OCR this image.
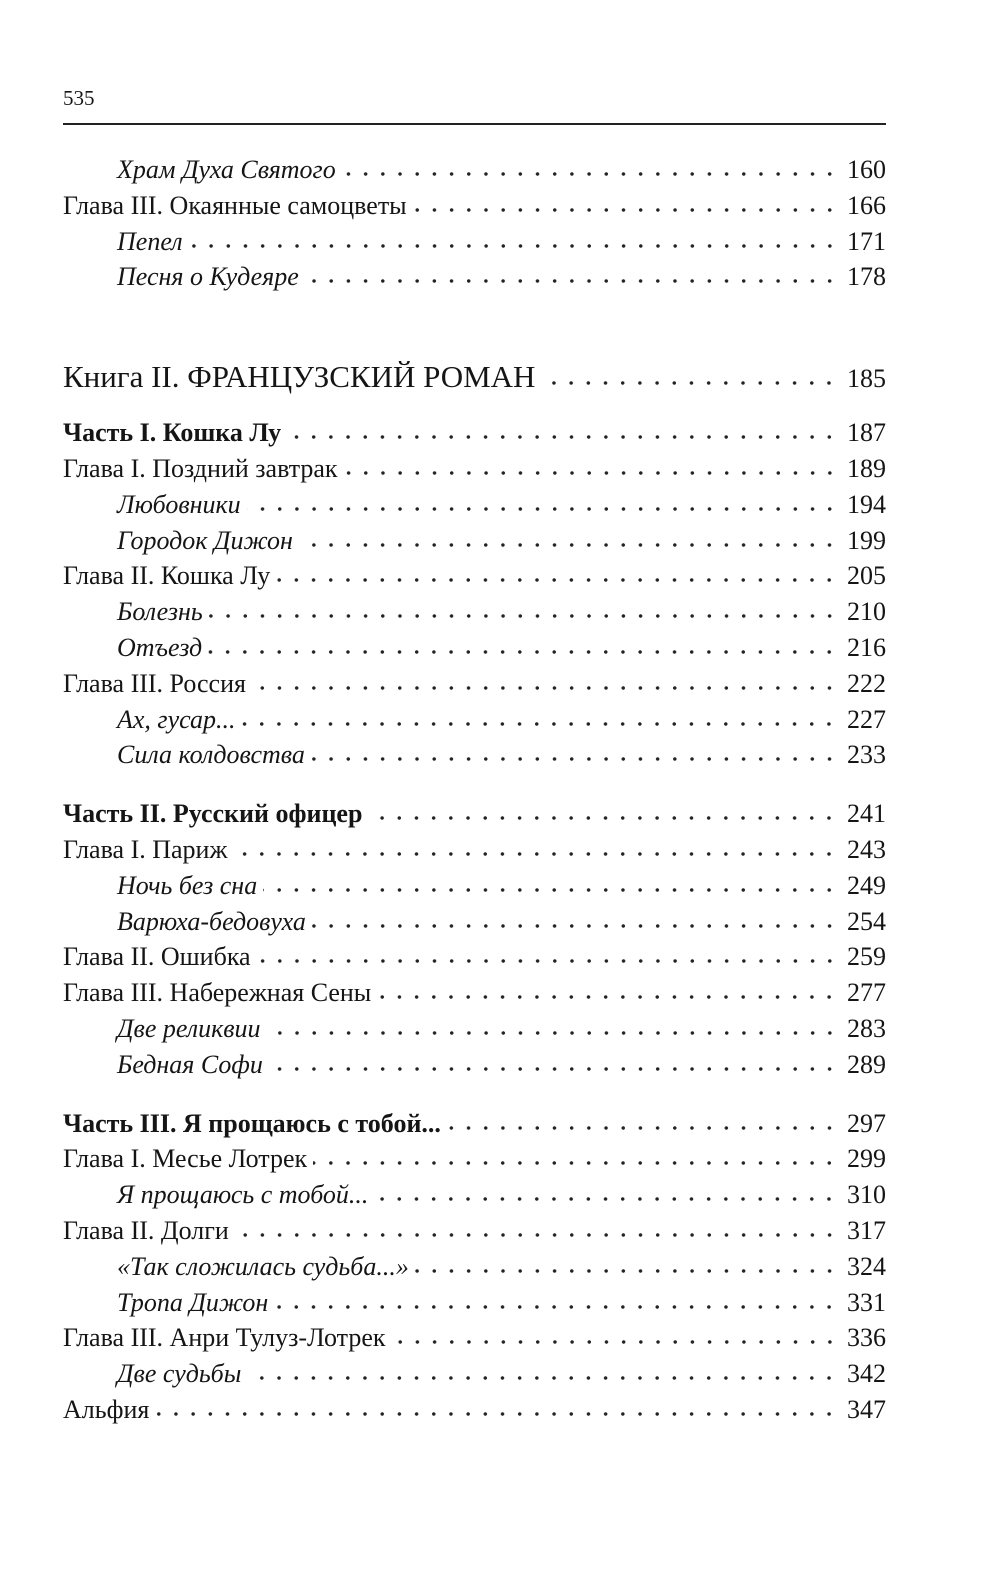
535
Храм Духа Святого	160
Глава III. Окаянные самоцветы	166
Пепел	171
Песня о Кудеяре	178
Книга II. ФРАНЦУЗСКИЙ РОМАН	185
Часть I. Кошка Лу	187
Глава I. Поздний завтрак	189
Любовники	194
Городок Дижон	199
Глава II. Кошка Лу	205
Болезнь	210
Отъезд	216
Глава III. Россия	222
Ах, гусар...	227
Сила колдовства	233
Часть II. Русский офицер	241
Глава I. Париж	243
Ночь без сна	249
Варюха-бедовуха	254
Глава II. Ошибка	259
Глава III. Набережная Сены	277
Две реликвии	283
Бедная Софи	289
Часть III. Я прощаюсь с тобой...	297
Глава I. Месье Лотрек	299
Я прощаюсь с тобой...	310
Глава II. Долги	317
«Так сложилась судьба...»	324
Тропа Дижон	331
Глава III. Анри Тулуз-Лотрек	336
Две судьбы	342
Альфия	347
